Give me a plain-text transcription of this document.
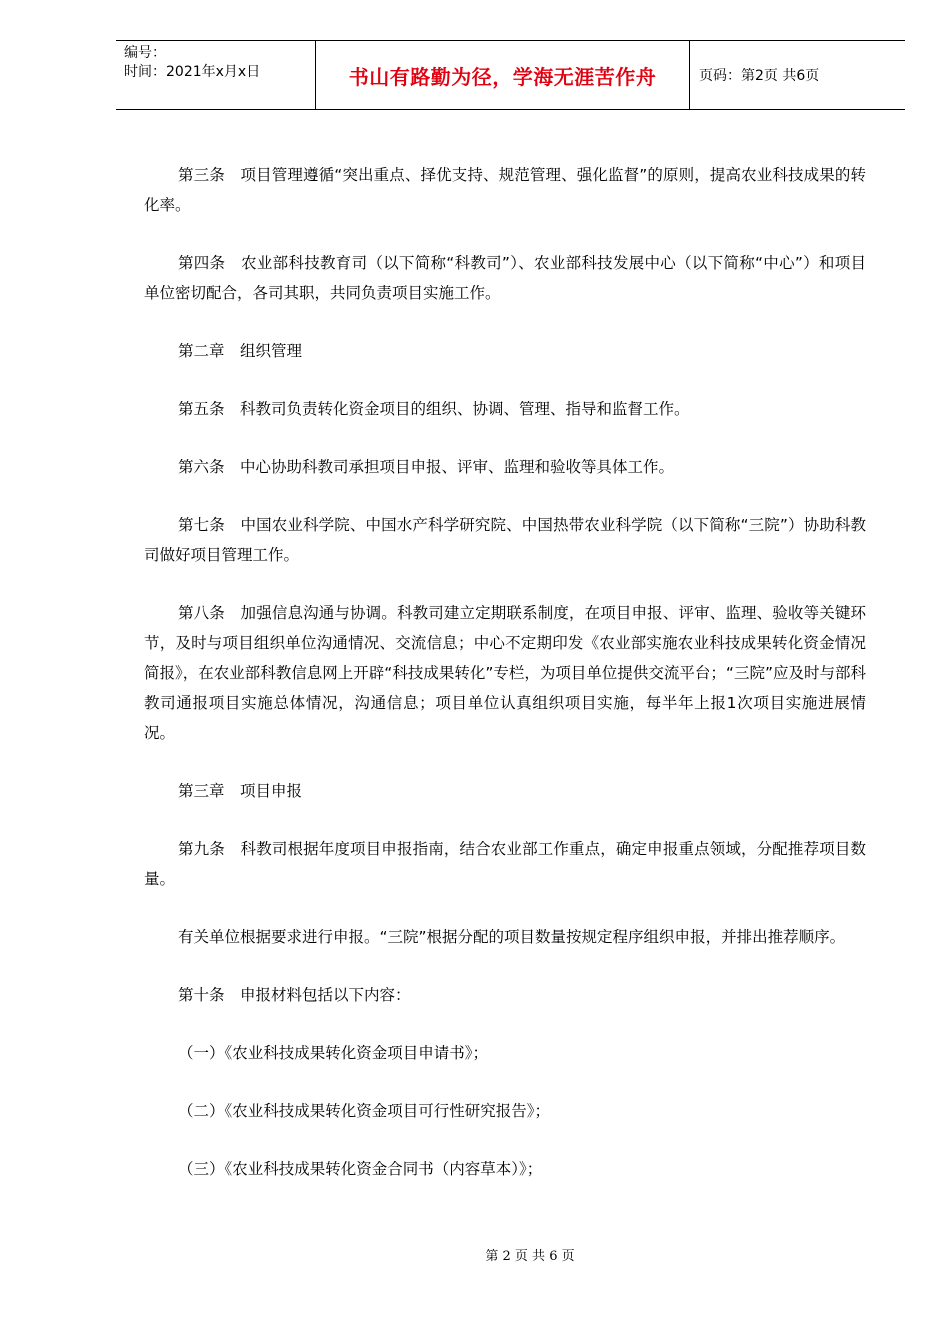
编号：
时间：2021年x月x日	书山有路勤为径，学海无涯苦作舟	页码：第2页 共6页

第三条　项目管理遵循“突出重点、择优支持、规范管理、强化监督”的原则，提高农业科技成果的转化率。

第四条　农业部科技教育司（以下简称“科教司”）、农业部科技发展中心（以下简称“中心”）和项目单位密切配合，各司其职，共同负责项目实施工作。

第二章　组织管理

第五条　科教司负责转化资金项目的组织、协调、管理、指导和监督工作。

第六条　中心协助科教司承担项目申报、评审、监理和验收等具体工作。

第七条　中国农业科学院、中国水产科学研究院、中国热带农业科学院（以下简称“三院”）协助科教司做好项目管理工作。

第八条　加强信息沟通与协调。科教司建立定期联系制度，在项目申报、评审、监理、验收等关键环节，及时与项目组织单位沟通情况、交流信息；中心不定期印发《农业部实施农业科技成果转化资金情况简报》，在农业部科教信息网上开辟“科技成果转化”专栏，为项目单位提供交流平台；“三院”应及时与部科教司通报项目实施总体情况，沟通信息；项目单位认真组织项目实施，每半年上报1次项目实施进展情况。

第三章　项目申报

第九条　科教司根据年度项目申报指南，结合农业部工作重点，确定申报重点领域，分配推荐项目数量。

有关单位根据要求进行申报。“三院”根据分配的项目数量按规定程序组织申报，并排出推荐顺序。

第十条　申报材料包括以下内容：

（一）《农业科技成果转化资金项目申请书》；

（二）《农业科技成果转化资金项目可行性研究报告》；

（三）《农业科技成果转化资金合同书（内容草本）》；

第 2 页 共 6 页
